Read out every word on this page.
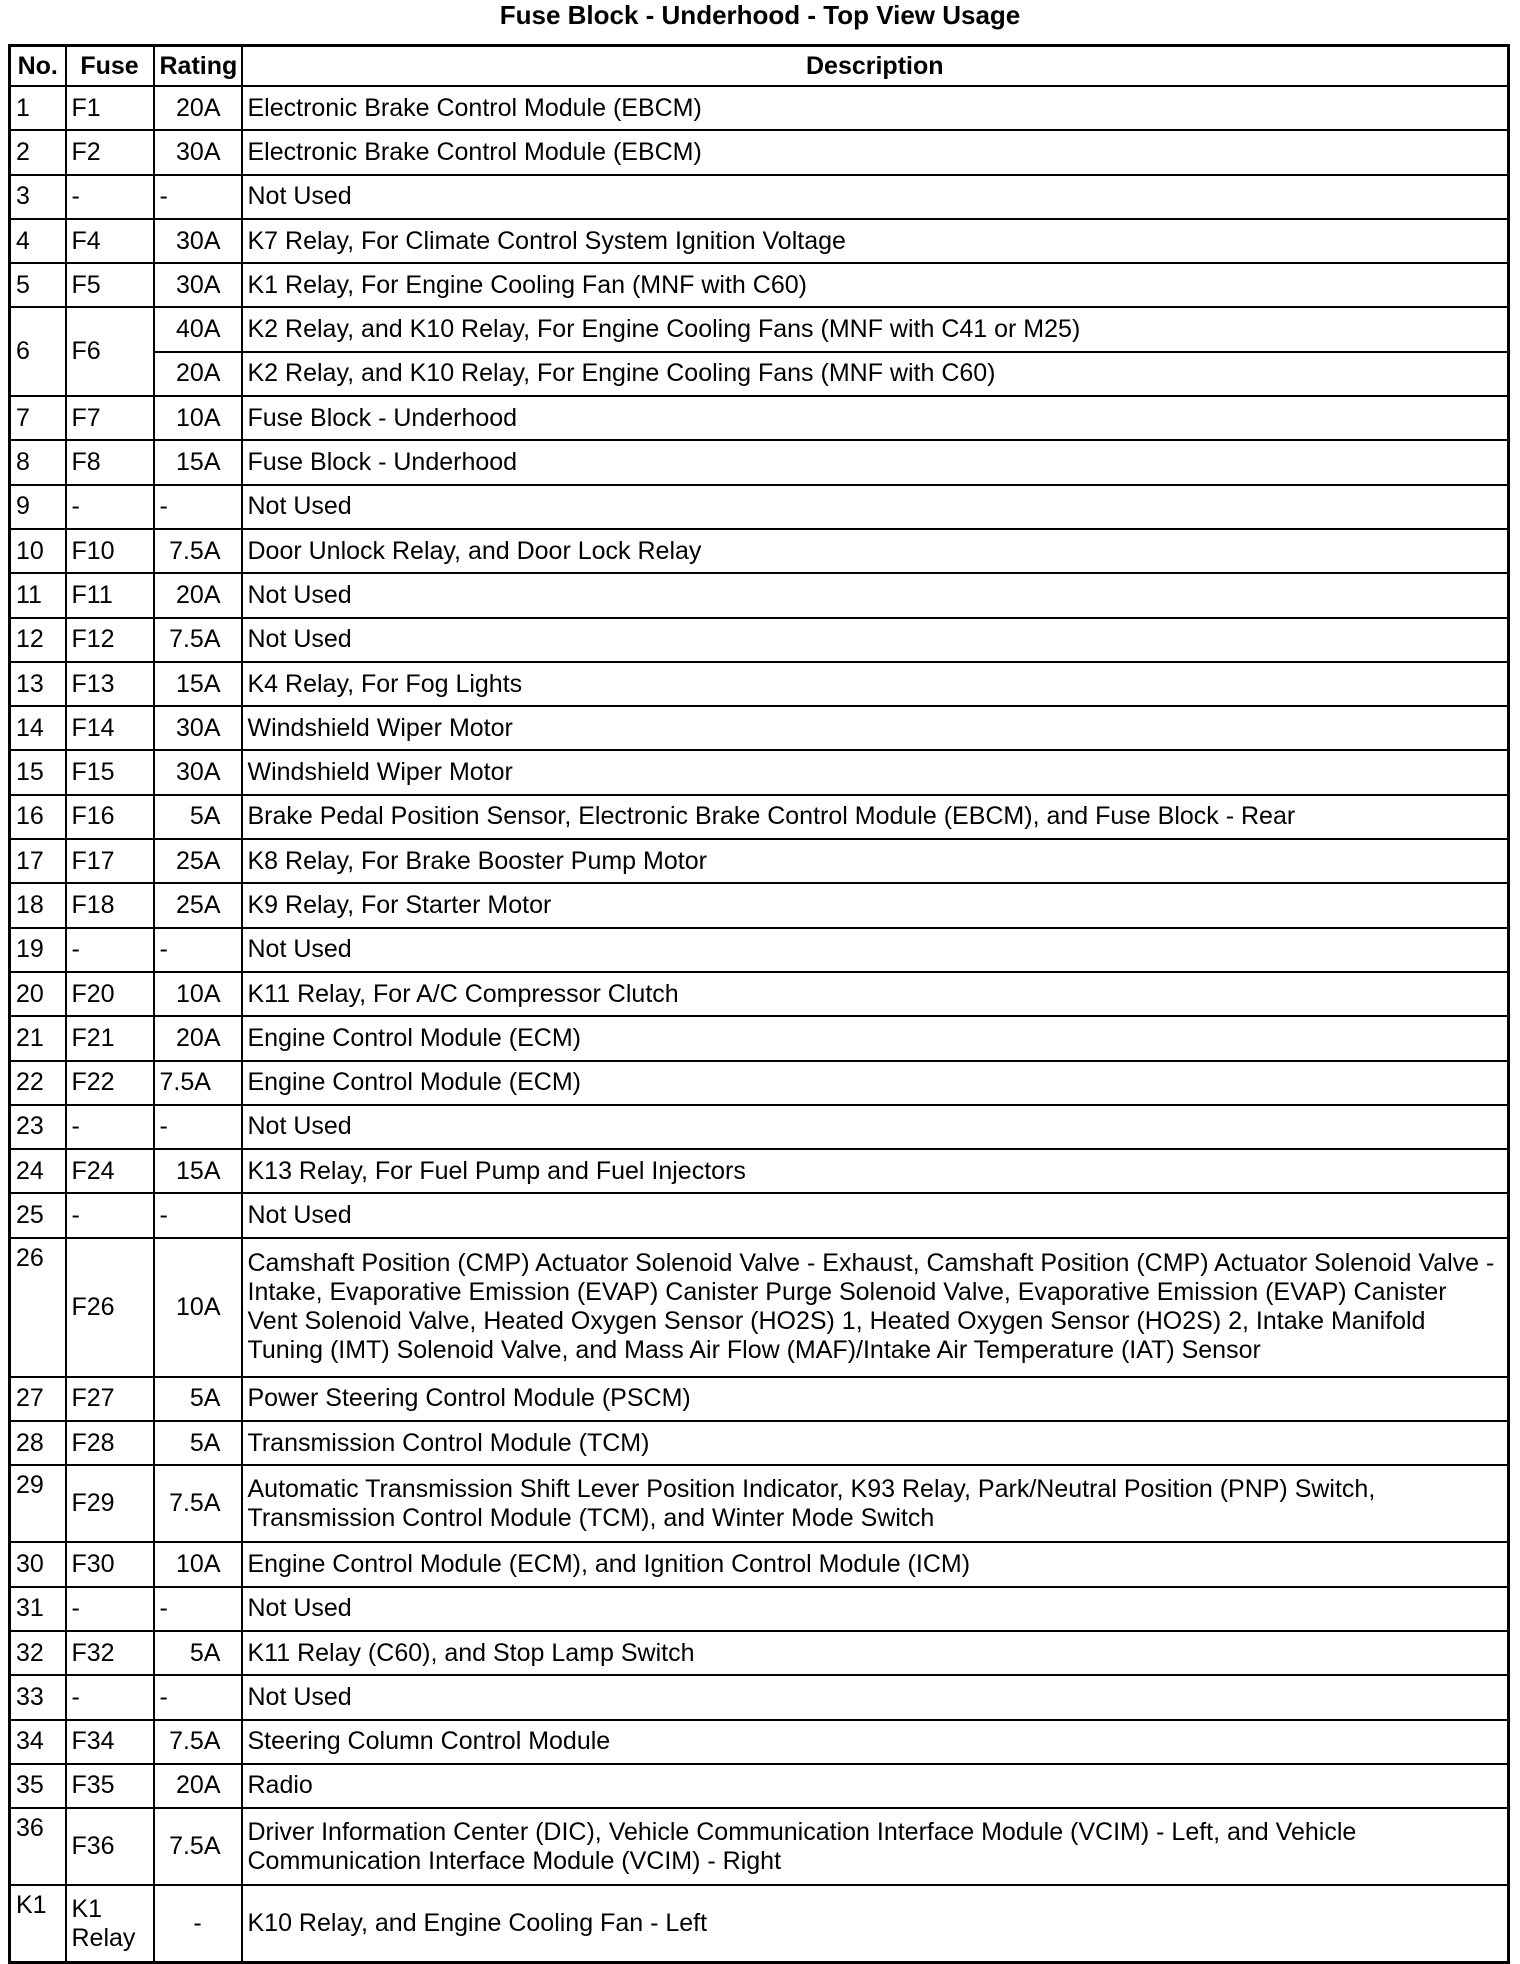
Fuse Block - Underhood - Top View Usage
No.	Fuse	Rating	Description
1	F1	20A	Electronic Brake Control Module (EBCM)
2	F2	30A	Electronic Brake Control Module (EBCM)
3	-	-	Not Used
4	F4	30A	K7 Relay, For Climate Control System Ignition Voltage
5	F5	30A	K1 Relay, For Engine Cooling Fan (MNF with C60)
6	F6	40A	K2 Relay, and K10 Relay, For Engine Cooling Fans (MNF with C41 or M25)
		20A	K2 Relay, and K10 Relay, For Engine Cooling Fans (MNF with C60)
7	F7	10A	Fuse Block - Underhood
8	F8	15A	Fuse Block - Underhood
9	-	-	Not Used
10	F10	7.5A	Door Unlock Relay, and Door Lock Relay
11	F11	20A	Not Used
12	F12	7.5A	Not Used
13	F13	15A	K4 Relay, For Fog Lights
14	F14	30A	Windshield Wiper Motor
15	F15	30A	Windshield Wiper Motor
16	F16	5A	Brake Pedal Position Sensor, Electronic Brake Control Module (EBCM), and Fuse Block - Rear
17	F17	25A	K8 Relay, For Brake Booster Pump Motor
18	F18	25A	K9 Relay, For Starter Motor
19	-	-	Not Used
20	F20	10A	K11 Relay, For A/C Compressor Clutch
21	F21	20A	Engine Control Module (ECM)
22	F22	7.5A	Engine Control Module (ECM)
23	-	-	Not Used
24	F24	15A	K13 Relay, For Fuel Pump and Fuel Injectors
25	-	-	Not Used
26	F26	10A	Camshaft Position (CMP) Actuator Solenoid Valve - Exhaust, Camshaft Position (CMP) Actuator Solenoid Valve - Intake, Evaporative Emission (EVAP) Canister Purge Solenoid Valve, Evaporative Emission (EVAP) Canister Vent Solenoid Valve, Heated Oxygen Sensor (HO2S) 1, Heated Oxygen Sensor (HO2S) 2, Intake Manifold Tuning (IMT) Solenoid Valve, and Mass Air Flow (MAF)/Intake Air Temperature (IAT) Sensor
27	F27	5A	Power Steering Control Module (PSCM)
28	F28	5A	Transmission Control Module (TCM)
29	F29	7.5A	Automatic Transmission Shift Lever Position Indicator, K93 Relay, Park/Neutral Position (PNP) Switch, Transmission Control Module (TCM), and Winter Mode Switch
30	F30	10A	Engine Control Module (ECM), and Ignition Control Module (ICM)
31	-	-	Not Used
32	F32	5A	K11 Relay (C60), and Stop Lamp Switch
33	-	-	Not Used
34	F34	7.5A	Steering Column Control Module
35	F35	20A	Radio
36	F36	7.5A	Driver Information Center (DIC), Vehicle Communication Interface Module (VCIM) - Left, and Vehicle Communication Interface Module (VCIM) - Right
K1	K1 Relay	-	K10 Relay, and Engine Cooling Fan - Left
